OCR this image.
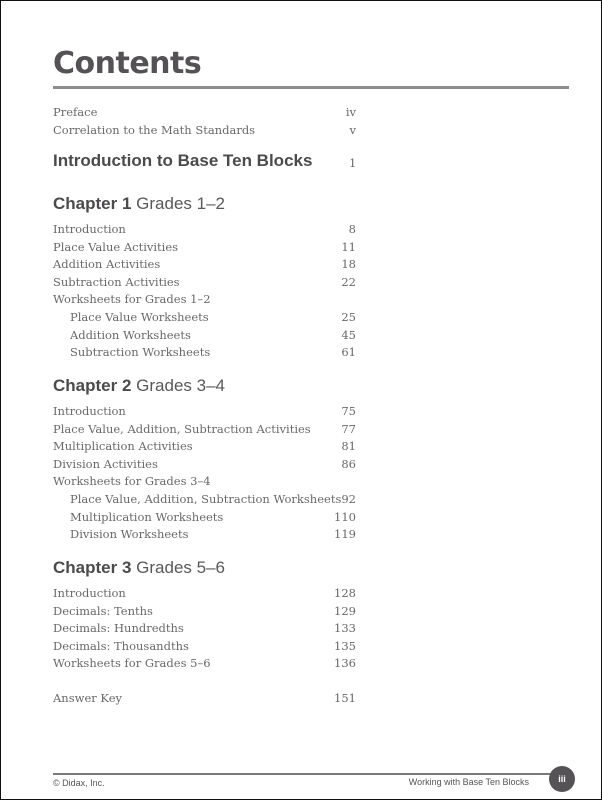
Contents
Preface	iv
Correlation to the Math Standards	v
Introduction to Base Ten Blocks	1
Chapter 1 Grades 1–2
Introduction	8
Place Value Activities	11
Addition Activities	18
Subtraction Activities	22
Worksheets for Grades 1–2
Place Value Worksheets	25
Addition Worksheets	45
Subtraction Worksheets	61
Chapter 2 Grades 3–4
Introduction	75
Place Value, Addition, Subtraction Activities	77
Multiplication Activities	81
Division Activities	86
Worksheets for Grades 3–4
Place Value, Addition, Subtraction Worksheets 92
Multiplication Worksheets	110
Division Worksheets	119
Chapter 3 Grades 5–6
Introduction	128
Decimals: Tenths	129
Decimals: Hundredths	133
Decimals: Thousandths	135
Worksheets for Grades 5–6	136
Answer Key	151
© Didax, Inc.	Working with Base Ten Blocks	iii
